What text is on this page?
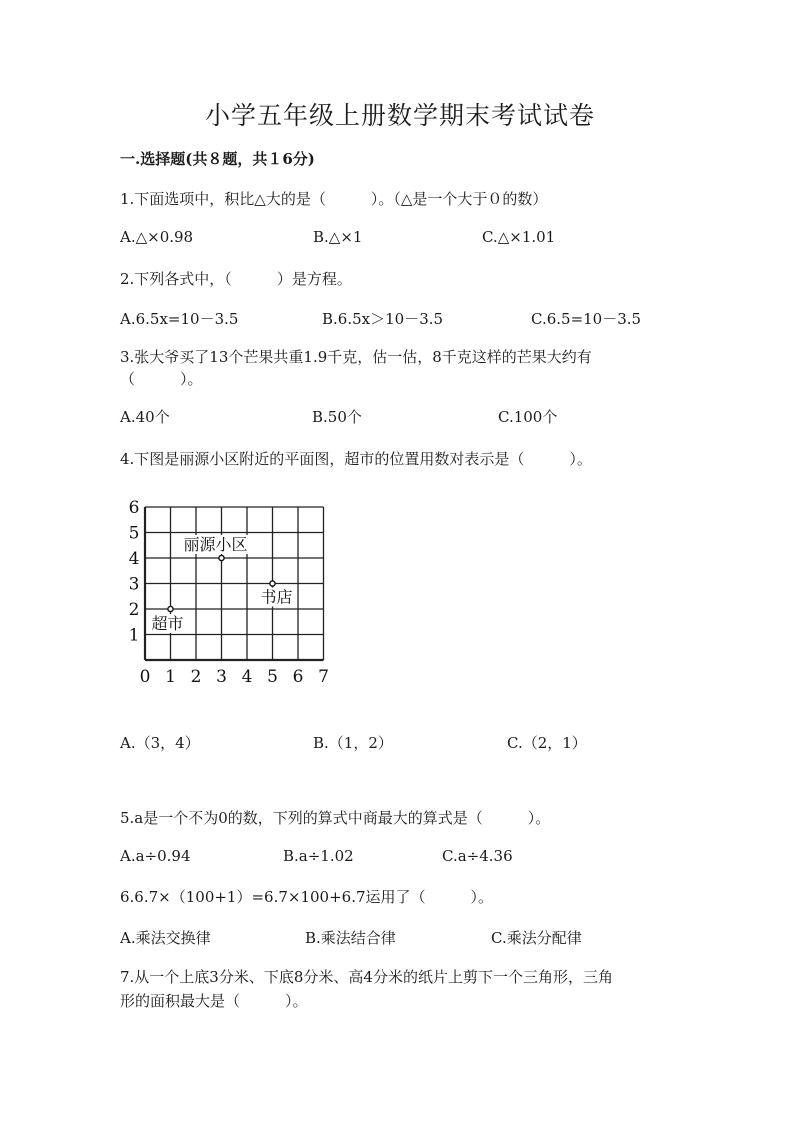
小学五年级上册数学期末考试试卷
一.选择题(共８题，共１6分)
1.下面选项中，积比△大的是（　　　）。（△是一个大于０的数）
A.△×0.98	B.△×1	C.△×1.01
2.下列各式中，（　　　）是方程。
A.6.5x=10－3.5	B.6.5x＞10－3.5	C.6.5=10－3.5
3.张大爷买了13个芒果共重1.9千克，估一估，8千克这样的芒果大约有
（　　　）。
A.40个	B.50个	C.100个
4.下图是丽源小区附近的平面图，超市的位置用数对表示是（　　　）。
1
2
3
4
5
6
0 1 2 3 4 5 6 7
丽源小区
书店
超市
A.（3，4）	B.（1，2）	C.（2，1）
5.a是一个不为0的数，下列的算式中商最大的算式是（　　　）。
A.a÷0.94	B.a÷1.02	C.a÷4.36
6.6.7×（100+1）=6.7×100+6.7运用了（　　　）。
A.乘法交换律	B.乘法结合律	C.乘法分配律
7.从一个上底3分米、下底8分米、高4分米的纸片上剪下一个三角形，三角
形的面积最大是（　　　）。
